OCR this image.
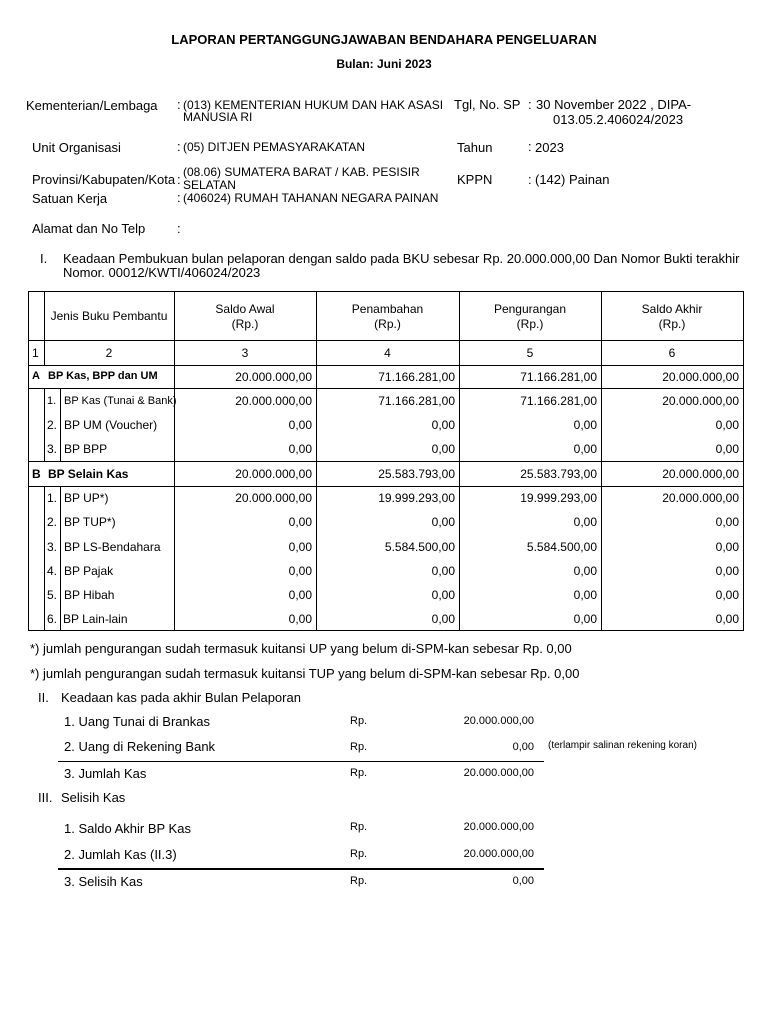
LAPORAN PERTANGGUNGJAWABAN BENDAHARA PENGELUARAN
Bulan: Juni 2023
Kementerian/Lembaga : (013) KEMENTERIAN HUKUM DAN HAK ASASI
MANUSIA RI
Tgl, No. SP : 30 November 2022 , DIPA-
013.05.2.406024/2023
Unit Organisasi	: (05) DITJEN PEMASYARAKATAN	Tahun	: 2023
Provinsi/Kabupaten/Kota : (08.06) SUMATERA BARAT / KAB. PESISIR
SELATAN	KPPN	: (142) Painan
Satuan Kerja	: (406024) RUMAH TAHANAN NEGARA PAINAN
Alamat dan No Telp :
I. Keadaan Pembukuan bulan pelaporan dengan saldo pada BKU sebesar Rp. 20.000.000,00 Dan Nomor Bukti terakhir
Nomor. 00012/KWTI/406024/2023
Jenis Buku Pembantu	Saldo Awal
(Rp.)
Penambahan
(Rp.)
Pengurangan
(Rp.)
Saldo Akhir
(Rp.)
1	2	3	4	5	6
A BP Kas, BPP dan UM	20.000.000,00	71.166.281,00	71.166.281,00	20.000.000,00
1. BP Kas (Tunai & Bank)	20.000.000,00	71.166.281,00	71.166.281,00	20.000.000,00
2. BP UM (Voucher)	0,00	0,00	0,00	0,00
3. BP BPP	0,00	0,00	0,00	0,00
B BP Selain Kas	20.000.000,00	25.583.793,00	25.583.793,00	20.000.000,00
1. BP UP*)	20.000.000,00	19.999.293,00	19.999.293,00	20.000.000,00
2. BP TUP*)	0,00	0,00	0,00	0,00
3. BP LS-Bendahara	0,00	5.584.500,00	5.584.500,00	0,00
4. BP Pajak	0,00	0,00	0,00	0,00
5. BP Hibah	0,00	0,00	0,00	0,00
6. BP Lain-lain	0,00	0,00	0,00	0,00
*) jumlah pengurangan sudah termasuk kuitansi UP yang belum di-SPM-kan sebesar Rp. 0,00
*) jumlah pengurangan sudah termasuk kuitansi TUP yang belum di-SPM-kan sebesar Rp. 0,00
II. Keadaan kas pada akhir Bulan Pelaporan
1. Uang Tunai di Brankas	Rp.	20.000.000,00
2. Uang di Rekening Bank	Rp.	0,00 (terlampir salinan rekening koran)
3. Jumlah Kas	Rp.	20.000.000,00
III. Selisih Kas
1. Saldo Akhir BP Kas	Rp.	20.000.000,00
2. Jumlah Kas (II.3)	Rp.	20.000.000,00
3. Selisih Kas	Rp.	0,00
